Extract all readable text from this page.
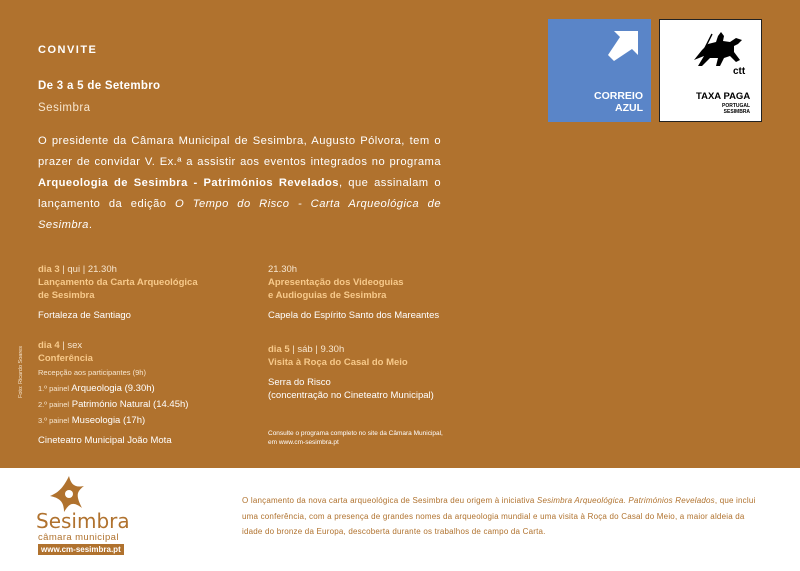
CONVITE
De 3 a 5 de Setembro
Sesimbra
O presidente da Câmara Municipal de Sesimbra, Augusto Pólvora, tem o prazer de convidar V. Ex.ª a assistir aos eventos integrados no programa Arqueologia de Sesimbra - Patrimónios Revelados, que assinalam o lançamento da edição O Tempo do Risco - Carta Arqueológica de Sesimbra.
dia 3 | qui | 21.30h
Lançamento da Carta Arqueológica
de Sesimbra
Fortaleza de Santiago
dia 4 | sex
Conferência
Recepção aos participantes (9h)
1.º painel Arqueologia (9.30h)
2.º painel Património Natural (14.45h)
3.º painel Museologia (17h)
Cineteatro Municipal João Mota
21.30h
Apresentação dos Videoguias
e Audioguias de Sesimbra
Capela do Espírito Santo dos Mareantes
dia 5 | sáb | 9.30h
Visita à Roça do Casal do Meio
Serra do Risco
(concentração no Cineteatro Municipal)
Consulte o programa completo no site da Câmara Municipal,
em www.cm-sesimbra.pt
Foto: Ricardo Soares
CORREIO
AZUL
ctt
TAXA PAGA
PORTUGAL
SESIMBRA
Sesimbra
câmara municipal
www.cm-sesimbra.pt
O lançamento da nova carta arqueológica de Sesimbra deu origem à iniciativa Sesimbra Arqueológica. Patrimónios Revelados, que inclui uma conferência, com a presença de grandes nomes da arqueologia mundial e uma visita à Roça do Casal do Meio, a maior aldeia da idade do bronze da Europa, descoberta durante os trabalhos de campo da Carta.
